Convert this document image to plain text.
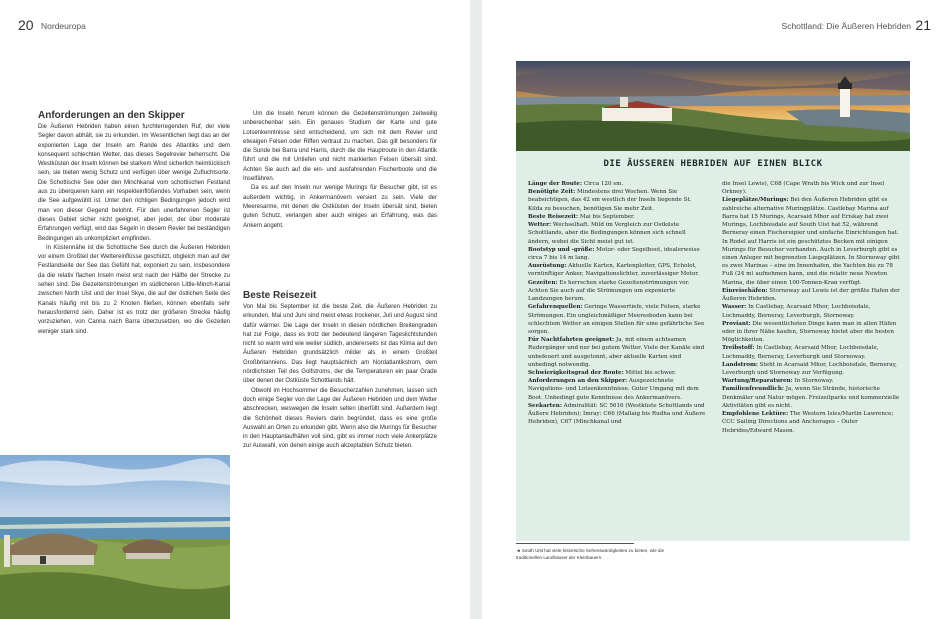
20 Nordeuropa
Anforderungen an den Skipper

Die Äußeren Hebriden haben einen furchterregenden Ruf, der viele Segler davon abhält, sie zu erkunden. Im Wesentlichen liegt das an der exponierten Lage der Inseln am Rande des Atlantiks und dem konsequent schlechten Wetter, das dieses Segelrevier beherrscht. Die Westküsten der Inseln können bei starkem Wind sicherlich heimtückisch sein, sie bieten wenig Schutz und verfügen über wenige Zufluchtsorte. Die Schottische See oder den Minchkanal vom schottischen Festland aus zu überqueren kann ein respekteinflößendes Vorhaben sein, wenn die See aufgewühlt ist. Unter den richtigen Bedingungen jedoch wird man von dieser Gegend belohnt. Für den unerfahrenen Segler ist dieses Gebiet sicher nicht geeignet, aber jeder, der über moderate Erfahrungen verfügt, wird das Segeln in diesem Revier bei beständigen Bedingungen als unkompliziert empfinden.

In Küstennähe ist die Schottische See durch die Äußeren Hebriden vor einem Großteil der Wettereinflüsse geschützt, obgleich man auf der Festlandseite der See das Gefühl hat, exponiert zu sein, insbesondere da die relativ flachen Inseln meist erst nach der Hälfte der Strecke zu sehen sind. Die Gezeitenströmungen im südlicheren Little-Minch-Kanal zwischen North Uist und der Insel Skye, die auf der östlichen Seite des Kanals häufig mit bis zu 2 Knoten fließen, können ebenfalls sehr herausfordernd sein. Daher ist es trotz der größeren Strecke häufig vorzuziehen, von Canna nach Barra überzusetzen, wo die Gezeiten weniger stark sind.

Um die Inseln herum können die Gezeitenströmungen zeitweilig unberechenbar sein. Ein genaues Studium der Karte und gute Lotsenkenntnisse sind entscheidend, um sich mit dem Revier und etwaigen Felsen oder Riffen vertraut zu machen. Das gilt besonders für die Sunde bei Barra und Harris, durch die die Hauptroute in den Atlantik führt und die mit Untiefen und nicht markierten Felsen übersät sind. Achten Sie auch auf die ein- und ausfahrenden Fischerboote und die Inselfähren.

Da es auf den Inseln nur wenige Murings für Besucher gibt, ist es außerdem wichtig, in Ankermanövern versiert zu sein. Viele der Meeresarme, mit denen die Ostküsten der Inseln übersät sind, bieten guten Schutz, verlangen aber auch einiges an Erfahrung, was das Ankern angeht.

Beste Reisezeit

Von Mai bis September ist die beste Zeit, die Äußeren Hebriden zu erkunden. Mai und Juni sind meist etwas trockener, Juli und August sind dafür wärmer. Die Lage der Inseln in diesen nördlichen Breitengraden hat zur Folge, dass es trotz der bedeutend längeren Tageslichtstunden nicht so warm wird wie weiter südlich, andererseits ist das Klima auf den Äußeren Hebriden grundsätzlich milder als in einem Großteil Großbritanniens. Das liegt hauptsächlich am Nordatlantikstrom, dem nördlichsten Teil des Golfstroms, der die Temperaturen ein paar Grade über denen der Ostküste Schottlands hält.

Obwohl im Hochsommer die Besucherzahlen zunehmen, lassen sich doch einige Segler von der Lage der Äußeren Hebriden und dem Wetter abschrecken, weswegen die Inseln selten überfüllt sind. Außerdem liegt die Schönheit dieses Reviers darin begründet, dass es eine große Auswahl an Orten zu erkunden gibt. Wenn also die Murings für Besucher in den Hauptanlaufhäfen voll sind, gibt es immer noch viele Ankerplätze zur Auswahl, von denen einige auch akzeptablen Schutz bieten.

Schottland: Die Äußeren Hebriden 21
DIE ÄUSSEREN HEBRIDEN AUF EINEN BLICK

Länge der Route: Circa 120 sm.

Benötigte Zeit: Mindestens drei Wochen. Wenn Sie beabsichtigen, das 42 sm westlich der Inseln liegende St. Kilda zu besuchen, benötigen Sie mehr Zeit.

Beste Reisezeit: Mai bis September.

Wetter: Wechselhaft. Mild im Vergleich zur Ostküste Schottlands, aber die Bedingungen können sich schnell ändern, wobei die Sicht meist gut ist.

Bootstyp und -größe: Motor- oder Segelboot, idealerweise circa 7 bis 14 m lang.

Ausrüstung: Aktuelle Karten, Kartenplotter, GPS, Echolot, vernünftiger Anker, Navigationslichter, zuverlässiger Motor.

Gezeiten: Es herrschen starke Gezeitenströmungen vor. Achten Sie auch auf die Strömungen um exponierte Landzungen herum.

Gefahrenquellen: Geringe Wassertiefe, viele Felsen, starke Strömungen. Ein ungleichmäßiger Meeresboden kann bei schlechtem Wetter an einigen Stellen für eine gefährliche See sorgen.

Für Nachtfahrten geeignet: Ja, mit einem achtsamen Rudergänger und nur bei gutem Wetter. Viele der Kanäle sind unbefeuert und ausgetonnt, aber aktuelle Karten sind unbedingt notwendig.

Schwierigkeitsgrad der Route: Mittel bis schwer.

Anforderungen an den Skipper: Ausgezeichnete Navigations- und Lotsenkenntnisse. Guter Umgang mit dem Boot. Unbedingt gute Kenntnisse des Ankermanövers.

Seekarten: Admiralität: SC 5616 (Westküste Schottlands und Äußere Hebriden); Imray: C66 (Mallaig bis Rudha und Äußere Hebriden), C67 (Minchkanal und

die Insel Lewis), C68 (Cape Wrath bis Wick und zur Insel Orkney).

Liegeplätze/Murings: Bei den Äußeren Hebriden gibt es zahlreiche alternative Muringplätze. Castlebay Marina auf Barra hat 15 Murings, Acarsaid Mhor auf Eriskay hat zwei Murings, Lochboisdale auf South Uist hat 52, während Berneray einen Fischereipier und einfache Einrichtungen hat. In Rodel auf Harris ist ein geschütztes Becken mit einigen Murings für Besucher vorhanden. Auch in Leverburgh gibt es einen Anleger mit begrenzten Liegeplätzen. In Stornoway gibt es zwei Marinas – eine im Innenhafen, die Yachten bis zu 78 Fuß (24 m) aufnehmen kann, und die relativ neue Newton Marina, die über einen 100-Tonnen-Kran verfügt.

Einreisehäfen: Stornoway auf Lewis ist der größte Hafen der Äußeren Hebriden.

Wasser: In Castlebay, Acarsaid Mhor, Lochboisdale, Lochmaddy, Berneray, Leverburgh, Stornoway.

Proviant: Die wesentlichsten Dinge kann man in allen Häfen oder in ihrer Nähe kaufen, Stornoway bietet aber die besten Möglichkeiten.

Treibstoff: In Castlebay, Acarsaid Mhor, Lochboisdale, Lochmaddy, Berneray, Leverburgh und Stornoway.

Landstrom: Steht in Acarsaid Mhor, Lochboisdale, Berneray, Leverburgh und Stornoway zur Verfügung.

Wartung/Reparaturen: In Stornoway.

Familienfreundlich: Ja, wenn Sie Strände, historische Denkmäler und Natur mögen. Freizeitparks und kommerzielle Aktivitäten gibt es nicht.

Empfohlene Lektüre: The Western Isles/Martin Lawrence; CCC Sailing Directions and Anchorages – Outer Hebrides/Edward Mason.

◄ South Uist hat viele historische Sehenswürdigkeiten zu bieten, wie die traditionellen Landhäuser der Kleinbauern.
